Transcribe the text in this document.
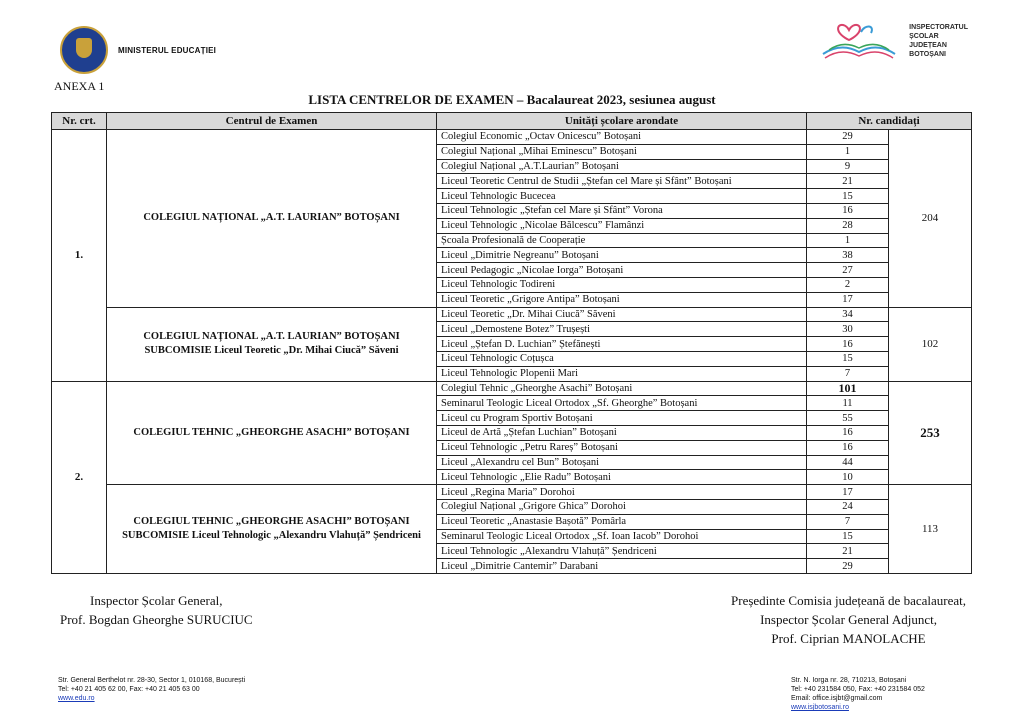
MINISTERUL EDUCAȚIEI
INSPECTORATUL
ȘCOLAR
JUDEȚEAN
BOTOȘANI
ANEXA 1
LISTA CENTRELOR DE EXAMEN – Bacalaureat 2023, sesiunea august
Nr. crt.	Centrul de Examen	Unități școlare arondate	Nr. candidați	
1.	COLEGIUL NAȚIONAL „A.T. LAURIAN” BOTOȘANI	Colegiul Economic „Octav Onicescu” Botoșani	29	204
		Colegiul Național „Mihai Eminescu” Botoșani	1	
		Colegiul Național „A.T.Laurian” Botoșani	9	
		Liceul Teoretic Centrul de Studii „Ștefan cel Mare și Sfânt” Botoșani	21	
		Liceul Tehnologic Bucecea	15	
		Liceul Tehnologic „Ștefan cel Mare și Sfânt” Vorona	16	
		Liceul Tehnologic „Nicolae Bălcescu” Flamânzi	28	
		Școala Profesională de Cooperație	1	
		Liceul „Dimitrie Negreanu” Botoșani	38	
		Liceul Pedagogic „Nicolae Iorga” Botoșani	27	
		Liceul Tehnologic Todireni	2	
		Liceul Teoretic „Grigore Antipa” Botoșani	17	
	COLEGIUL NAȚIONAL „A.T. LAURIAN” BOTOȘANI SUBCOMISIE Liceul Teoretic „Dr. Mihai Ciucă” Săveni	Liceul Teoretic „Dr. Mihai Ciucă” Săveni	34	102
		Liceul „Demostene Botez” Trușești	30	
		Liceul „Ștefan D. Luchian” Ștefănești	16	
		Liceul Tehnologic Coțușca	15	
		Liceul Tehnologic Plopenii Mari	7	
2.	COLEGIUL TEHNIC „GHEORGHE ASACHI” BOTOȘANI	Colegiul Tehnic „Gheorghe Asachi” Botoșani	101	253
		Seminarul Teologic Liceal Ortodox „Sf. Gheorghe” Botoșani	11	
		Liceul cu Program Sportiv Botoșani	55	
		Liceul de Artă „Ștefan Luchian” Botoșani	16	
		Liceul Tehnologic „Petru Rareș” Botoșani	16	
		Liceul „Alexandru cel Bun” Botoșani	44	
		Liceul Tehnologic „Elie Radu” Botoșani	10	
	COLEGIUL TEHNIC „GHEORGHE ASACHI” BOTOȘANI SUBCOMISIE Liceul Tehnologic „Alexandru Vlahuță” Șendriceni	Liceul „Regina Maria” Dorohoi	17	113
		Colegiul Național „Grigore Ghica” Dorohoi	24	
		Liceul Teoretic „Anastasie Bașotă” Pomârla	7	
		Seminarul Teologic Liceal Ortodox „Sf. Ioan Iacob” Dorohoi	15	
		Liceul Tehnologic „Alexandru Vlahuță” Șendriceni	21	
		Liceul „Dimitrie Cantemir” Darabani	29	
Inspector Școlar General,
Prof. Bogdan Gheorghe SURUCIUC
Președinte Comisia județeană de bacalaureat,
Inspector Școlar General Adjunct,
Prof. Ciprian MANOLACHE
Str. General Berthelot nr. 28-30, Sector 1, 010168, București
Tel: +40 21 405 62 00, Fax: +40 21 405 63 00
www.edu.ro
Str. N. Iorga nr. 28, 710213, Botoșani
Tel: +40 231584 050, Fax: +40 231584 052
Email: office.isjbt@gmail.com
www.isjbotosani.ro
